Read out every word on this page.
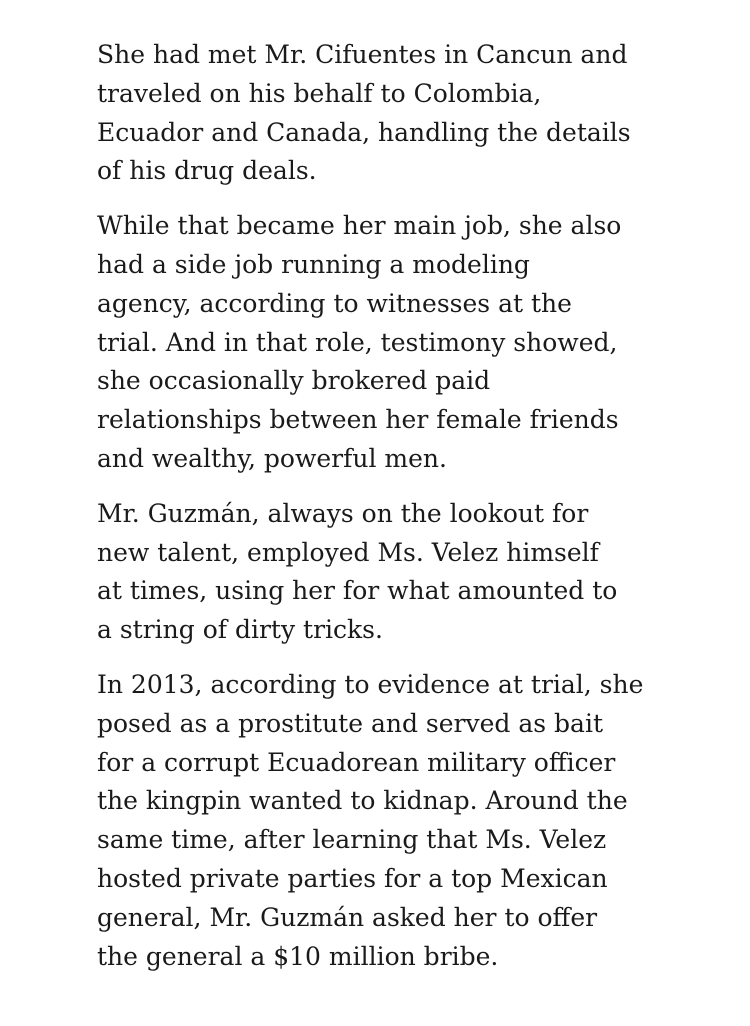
She had met Mr. Cifuentes in Cancun and
traveled on his behalf to Colombia,
Ecuador and Canada, handling the details
of his drug deals.

While that became her main job, she also
had a side job running a modeling
agency, according to witnesses at the
trial. And in that role, testimony showed,
she occasionally brokered paid
relationships between her female friends
and wealthy, powerful men.

Mr. Guzmán, always on the lookout for
new talent, employed Ms. Velez himself
at times, using her for what amounted to
a string of dirty tricks.

In 2013, according to evidence at trial, she
posed as a prostitute and served as bait
for a corrupt Ecuadorean military officer
the kingpin wanted to kidnap. Around the
same time, after learning that Ms. Velez
hosted private parties for a top Mexican
general, Mr. Guzmán asked her to offer
the general a $10 million bribe.
